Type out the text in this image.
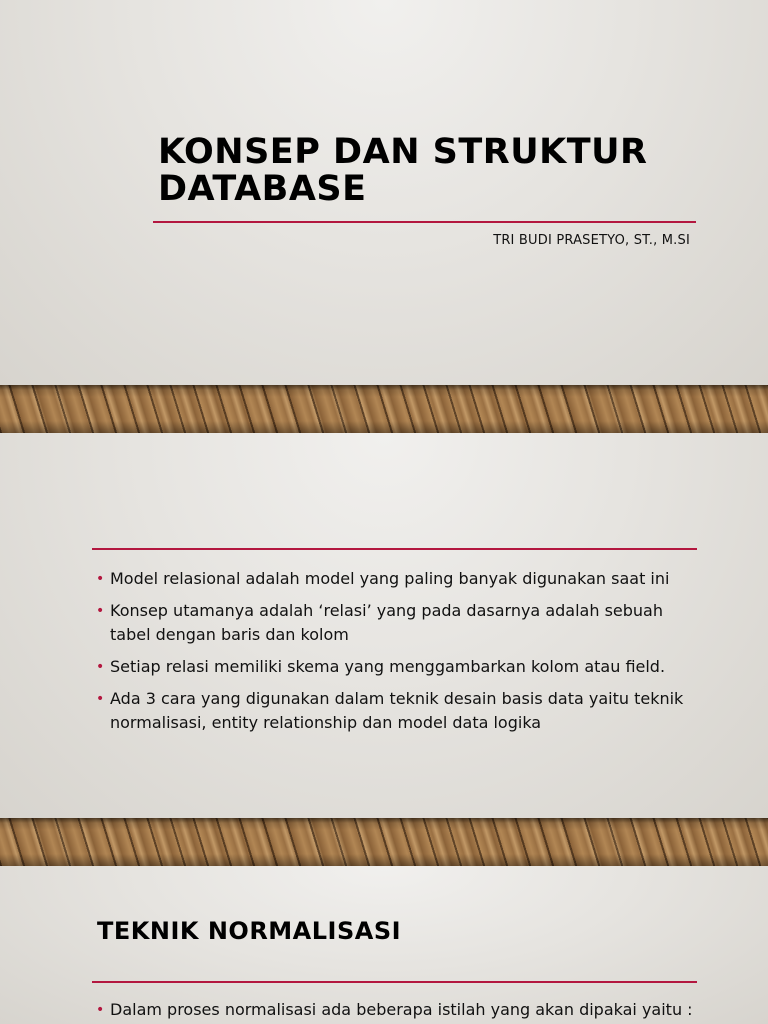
KONSEP DAN STRUKTUR
DATABASE
TRI BUDI PRASETYO, ST., M.SI
• Model relasional adalah model yang paling banyak digunakan saat ini
• Konsep utamanya adalah ‘relasi’ yang pada dasarnya adalah sebuah tabel dengan baris dan kolom
• Setiap relasi memiliki skema yang menggambarkan kolom atau field.
• Ada 3 cara yang digunakan dalam teknik desain basis data yaitu teknik normalisasi, entity relationship dan model data logika
TEKNIK NORMALISASI
• Dalam proses normalisasi ada beberapa istilah yang akan dipakai yaitu :
